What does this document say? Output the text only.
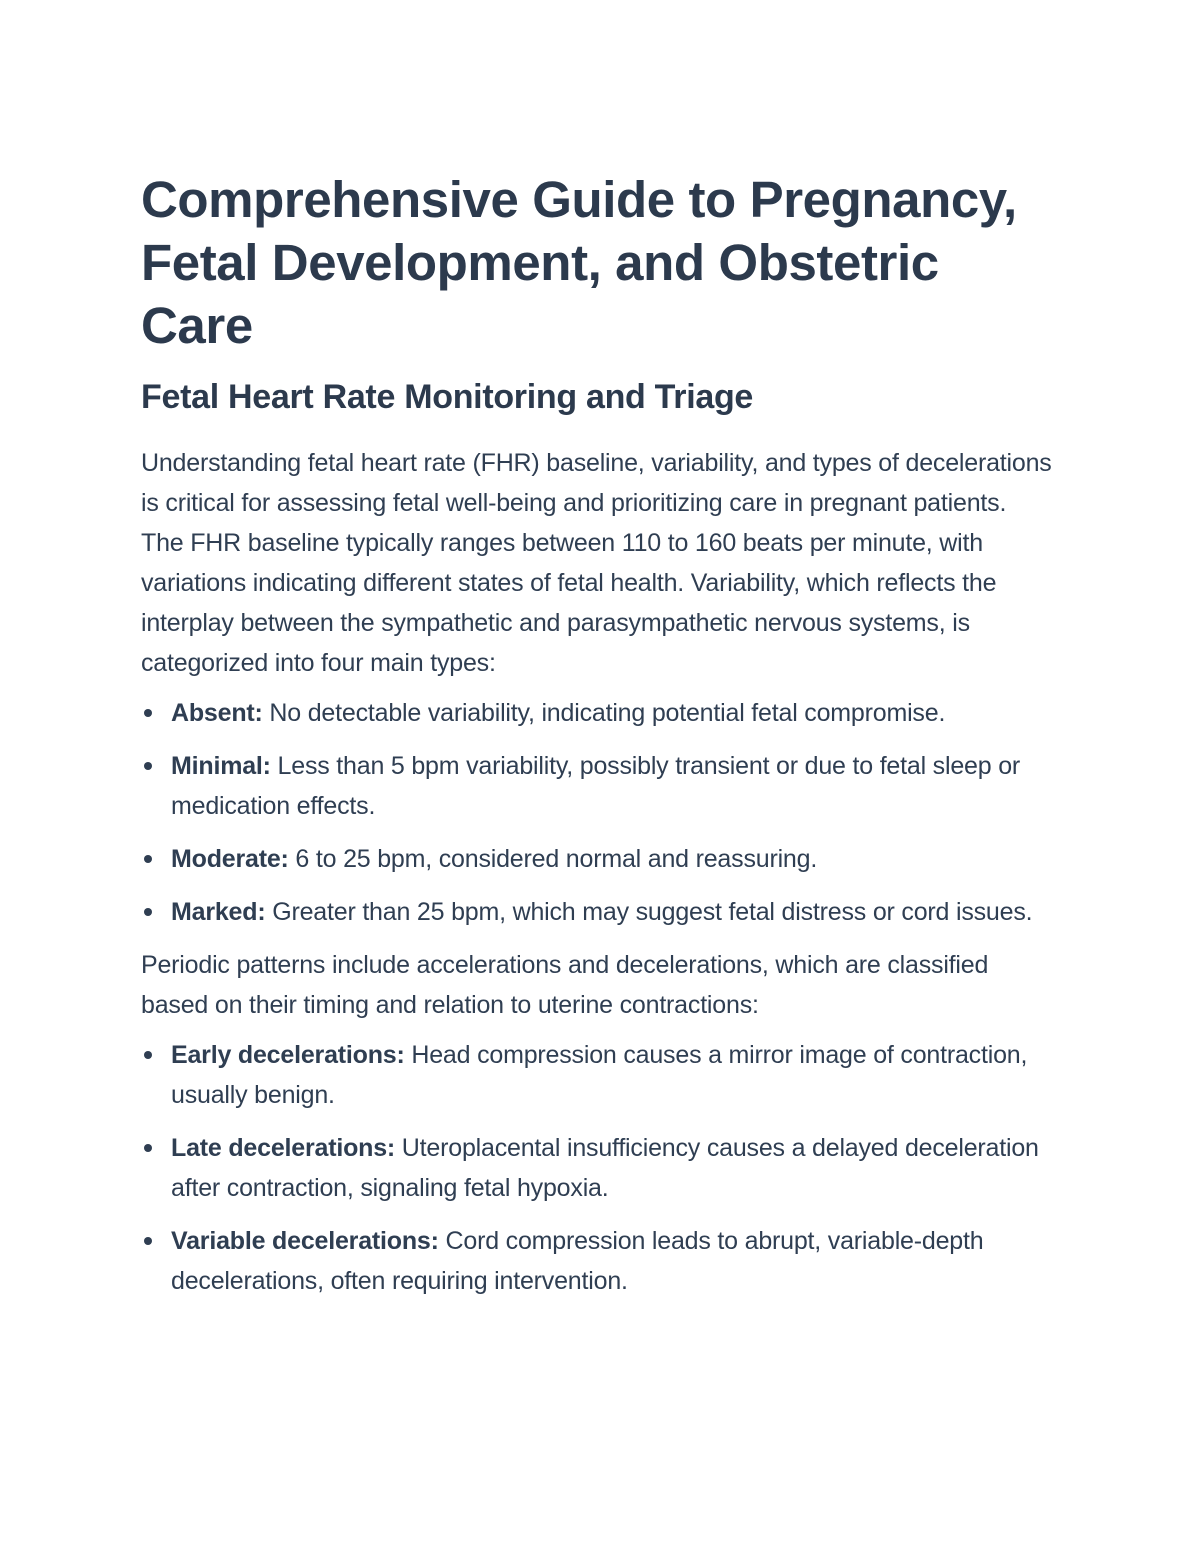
Comprehensive Guide to Pregnancy, Fetal Development, and Obstetric Care
Fetal Heart Rate Monitoring and Triage

Understanding fetal heart rate (FHR) baseline, variability, and types of decelerations is critical for assessing fetal well-being and prioritizing care in pregnant patients.

The FHR baseline typically ranges between 110 to 160 beats per minute, with variations indicating different states of fetal health. Variability, which reflects the interplay between the sympathetic and parasympathetic nervous systems, is categorized into four main types:

Absent: No detectable variability, indicating potential fetal compromise.
Minimal: Less than 5 bpm variability, possibly transient or due to fetal sleep or medication effects.
Moderate: 6 to 25 bpm, considered normal and reassuring.
Marked: Greater than 25 bpm, which may suggest fetal distress or cord issues.

Periodic patterns include accelerations and decelerations, which are classified based on their timing and relation to uterine contractions:

Early decelerations: Head compression causes a mirror image of contraction, usually benign.
Late decelerations: Uteroplacental insufficiency causes a delayed deceleration after contraction, signaling fetal hypoxia.
Variable decelerations: Cord compression leads to abrupt, variable-depth decelerations, often requiring intervention.
